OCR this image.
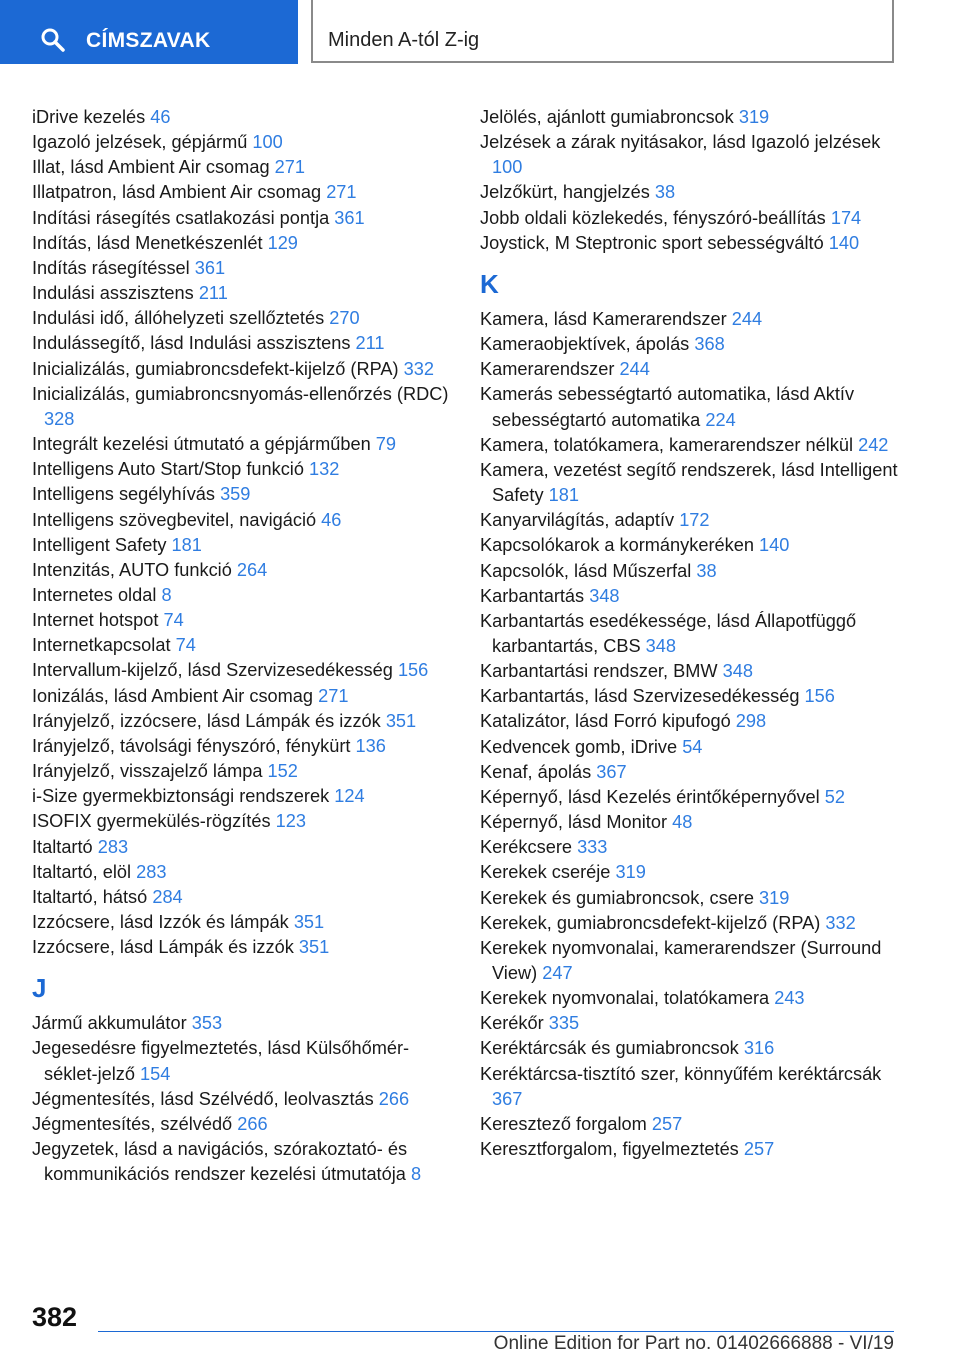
CÍMSZAVAK	Minden A-tól Z-ig
iDrive kezelés 46
Igazoló jelzések, gépjármű 100
Illat, lásd Ambient Air csomag 271
Illatpatron, lásd Ambient Air csomag 271
Indítási rásegítés csatlakozási pontja 361
Indítás, lásd Menetkészenlét 129
Indítás rásegítéssel 361
Indulási asszisztens 211
Indulási idő, állóhelyzeti szellőztetés 270
Indulássegítő, lásd Indulási asszisztens 211
Inicializálás, gumiabroncsdefekt-kijelző (RPA) 332
Inicializálás, gumiabroncsnyomás-ellenőrzés (RDC) 328
Integrált kezelési útmutató a gépjárműben 79
Intelligens Auto Start/Stop funkció 132
Intelligens segélyhívás 359
Intelligens szövegbevitel, navigáció 46
Intelligent Safety 181
Intenzitás, AUTO funkció 264
Internetes oldal 8
Internet hotspot 74
Internetkapcsolat 74
Intervallum-kijelző, lásd Szervizesedékesség 156
Ionizálás, lásd Ambient Air csomag 271
Irányjelző, izzócsere, lásd Lámpák és izzók 351
Irányjelző, távolsági fényszóró, fénykürt 136
Irányjelző, visszajelző lámpa 152
i-Size gyermekbiztonsági rendszerek 124
ISOFIX gyermekülés-rögzítés 123
Italtartó 283
Italtartó, elöl 283
Italtartó, hátsó 284
Izzócsere, lásd Izzók és lámpák 351
Izzócsere, lásd Lámpák és izzók 351
J
Jármű akkumulátor 353
Jegesedésre figyelmeztetés, lásd Külsőhőmérséklet-jelző 154
Jégmentesítés, lásd Szélvédő, leolvasztás 266
Jégmentesítés, szélvédő 266
Jegyzetek, lásd a navigációs, szórakoztató- és kommunikációs rendszer kezelési útmutatója 8
Jelölés, ajánlott gumiabroncsok 319
Jelzések a zárak nyitásakor, lásd Igazoló jelzések 100
Jelzőkürt, hangjelzés 38
Jobb oldali közlekedés, fényszóró-beállítás 174
Joystick, M Steptronic sport sebességváltó 140
K
Kamera, lásd Kamerarendszer 244
Kameraobjektívek, ápolás 368
Kamerarendszer 244
Kamerás sebességtartó automatika, lásd Aktív sebességtartó automatika 224
Kamera, tolatókamera, kamerarendszer nélkül 242
Kamera, vezetést segítő rendszerek, lásd Intelligent Safety 181
Kanyarvilágítás, adaptív 172
Kapcsolókarok a kormánykeréken 140
Kapcsolók, lásd Műszerfal 38
Karbantartás 348
Karbantartás esedékessége, lásd Állapotfüggő karbantartás, CBS 348
Karbantartási rendszer, BMW 348
Karbantartás, lásd Szervizesedékesség 156
Katalizátor, lásd Forró kipufogó 298
Kedvencek gomb, iDrive 54
Kenaf, ápolás 367
Képernyő, lásd Kezelés érintőképernyővel 52
Képernyő, lásd Monitor 48
Kerékcsere 333
Kerekek cseréje 319
Kerekek és gumiabroncsok, csere 319
Kerekek, gumiabroncsdefekt-kijelző (RPA) 332
Kerekek nyomvonalai, kamerarendszer (Surround View) 247
Kerekek nyomvonalai, tolatókamera 243
Kerékőr 335
Keréktárcsák és gumiabroncsok 316
Keréktárcsa-tisztító szer, könnyűfém keréktárcsák 367
Keresztező forgalom 257
Keresztforgalom, figyelmeztetés 257
382
Online Edition for Part no. 01402666888 - VI/19
